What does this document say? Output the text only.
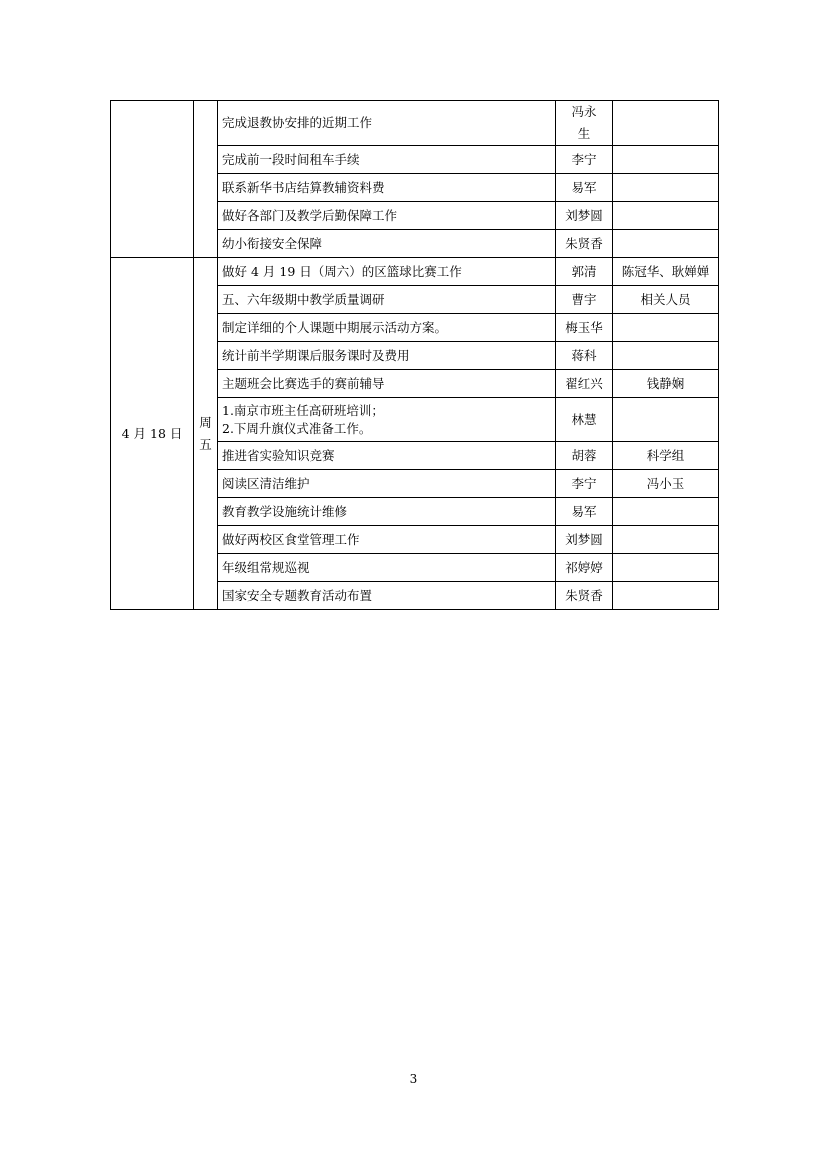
		完成退教协安排的近期工作	冯永生	
		完成前一段时间租车手续	李宁	
		联系新华书店结算教辅资料费	易军	
		做好各部门及教学后勤保障工作	刘梦圆	
		幼小衔接安全保障	朱贤香	
4 月 18 日	周五	做好 4 月 19 日（周六）的区篮球比赛工作	郭清	陈冠华、耿婵婵
		五、六年级期中教学质量调研	曹宇	相关人员
		制定详细的个人课题中期展示活动方案。	梅玉华	
		统计前半学期课后服务课时及费用	蒋科	
		主题班会比赛选手的赛前辅导	翟红兴	钱静娴

		1.南京市班主任高研班培训；
2.下周升旗仪式准备工作。	林慧	
		推进省实验知识竞赛	胡蓉	科学组
		阅读区清洁维护	李宁	冯小玉
		教育教学设施统计维修	易军	
		做好两校区食堂管理工作	刘梦圆	
		年级组常规巡视	祁婷婷	
		国家安全专题教育活动布置	朱贤香	
3
